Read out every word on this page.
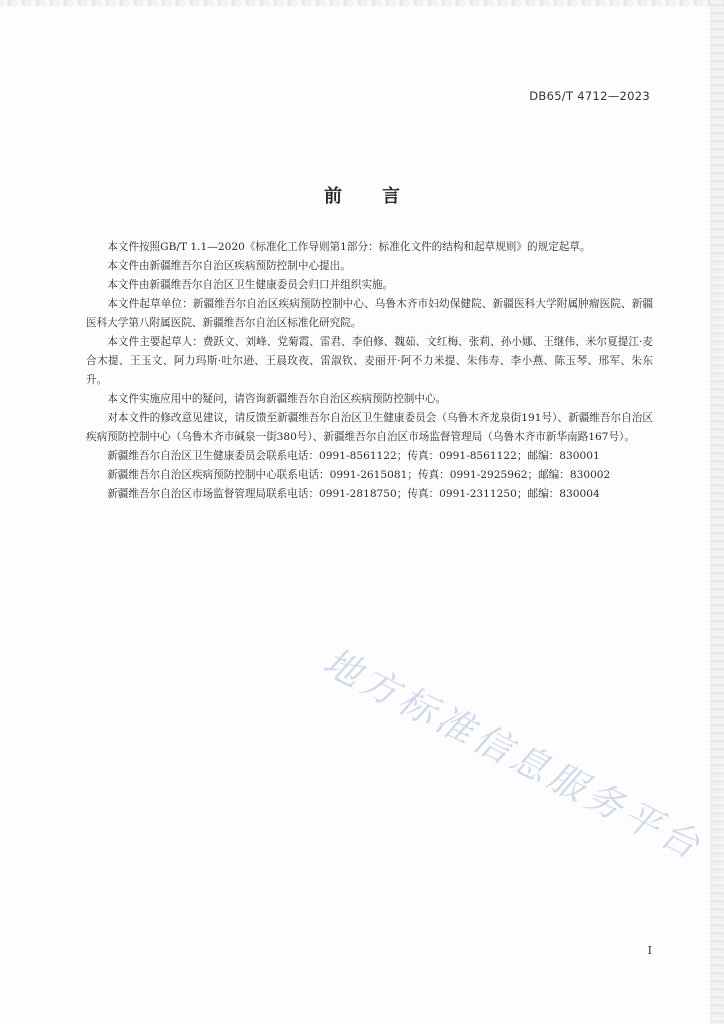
DB65/T 4712—2023
前言

本文件按照GB/T 1.1—2020《标准化工作导则第1部分：标准化文件的结构和起草规则》的规定起草。

本文件由新疆维吾尔自治区疾病预防控制中心提出。

本文件由新疆维吾尔自治区卫生健康委员会归口并组织实施。

本文件起草单位：新疆维吾尔自治区疾病预防控制中心、乌鲁木齐市妇幼保健院、新疆医科大学附属肿瘤医院、新疆医科大学第八附属医院、新疆维吾尔自治区标准化研究院。

本文件主要起草人：费跃文、刘峰、党菊霞、雷君、李伯修、魏茹、文红梅、张莉、孙小娜、王继伟、米尔夏提江·麦合木提、王玉文、阿力玛斯·吐尔逊、王晨玫夜、雷淑钦、麦丽开·阿不力米提、朱伟寿、李小燕、陈玉琴、邢军、朱东升。

本文件实施应用中的疑问，请咨询新疆维吾尔自治区疾病预防控制中心。

对本文件的修改意见建议，请反馈至新疆维吾尔自治区卫生健康委员会（乌鲁木齐龙泉街191号）、新疆维吾尔自治区疾病预防控制中心（乌鲁木齐市碱泉一街380号）、新疆维吾尔自治区市场监督管理局（乌鲁木齐市新华南路167号）。

新疆维吾尔自治区卫生健康委员会联系电话：0991-8561122；传真：0991-8561122；邮编：830001

新疆维吾尔自治区疾病预防控制中心联系电话：0991-2615081；传真：0991-2925962；邮编：830002

新疆维吾尔自治区市场监督管理局联系电话：0991-2818750；传真：0991-2311250；邮编：830004

地方标准信息服务平台
I
